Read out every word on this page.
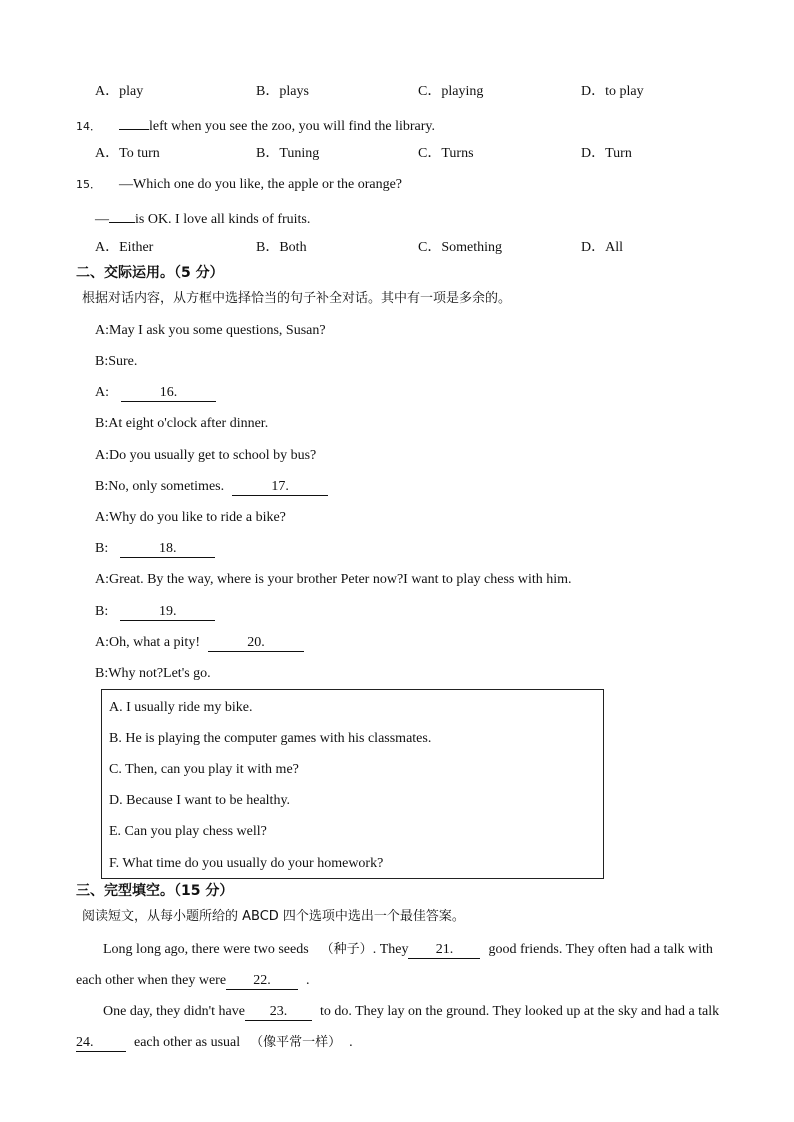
A．play	B．plays	C．playing	D．to play
14．	left when you see the zoo, you will find the library.
A．To turn	B．Tuning	C．Turns	D．Turn
15． —Which one do you like, the apple or the orange?
— is OK. I love all kinds of fruits.
A．Either	B．Both	C．Something	D．All
二、交际运用。（5 分）
根据对话内容，从方框中选择恰当的句子补全对话。其中有一项是多余的。
A:May I ask you some questions, Susan?
B:Sure.
A:	16.
B:At eight o'clock after dinner.
A:Do you usually get to school by bus?
B:No, only sometimes.	17.
A:Why do you like to ride a bike?
B:	18.
A:Great. By the way, where is your brother Peter now?I want to play chess with him.
B:	19.
A:Oh, what a pity!	20.
B:Why not?Let's go.
A. I usually ride my bike.
B. He is playing the computer games with his classmates.
C. Then, can you play it with me?
D. Because I want to be healthy.
E. Can you play chess well?
F. What time do you usually do your homework?
三、完型填空。（15 分）
阅读短文，从每小题所给的 ABCD 四个选项中选出一个最佳答案。
Long long ago, there were two seeds （种子）. They 21.	good friends. They often had a talk with
each other when they were 22.	.
One day, they didn't have 23. to do. They lay on the ground. They looked up at the sky and had a talk
24.	each other as usual （像平常一样） .
